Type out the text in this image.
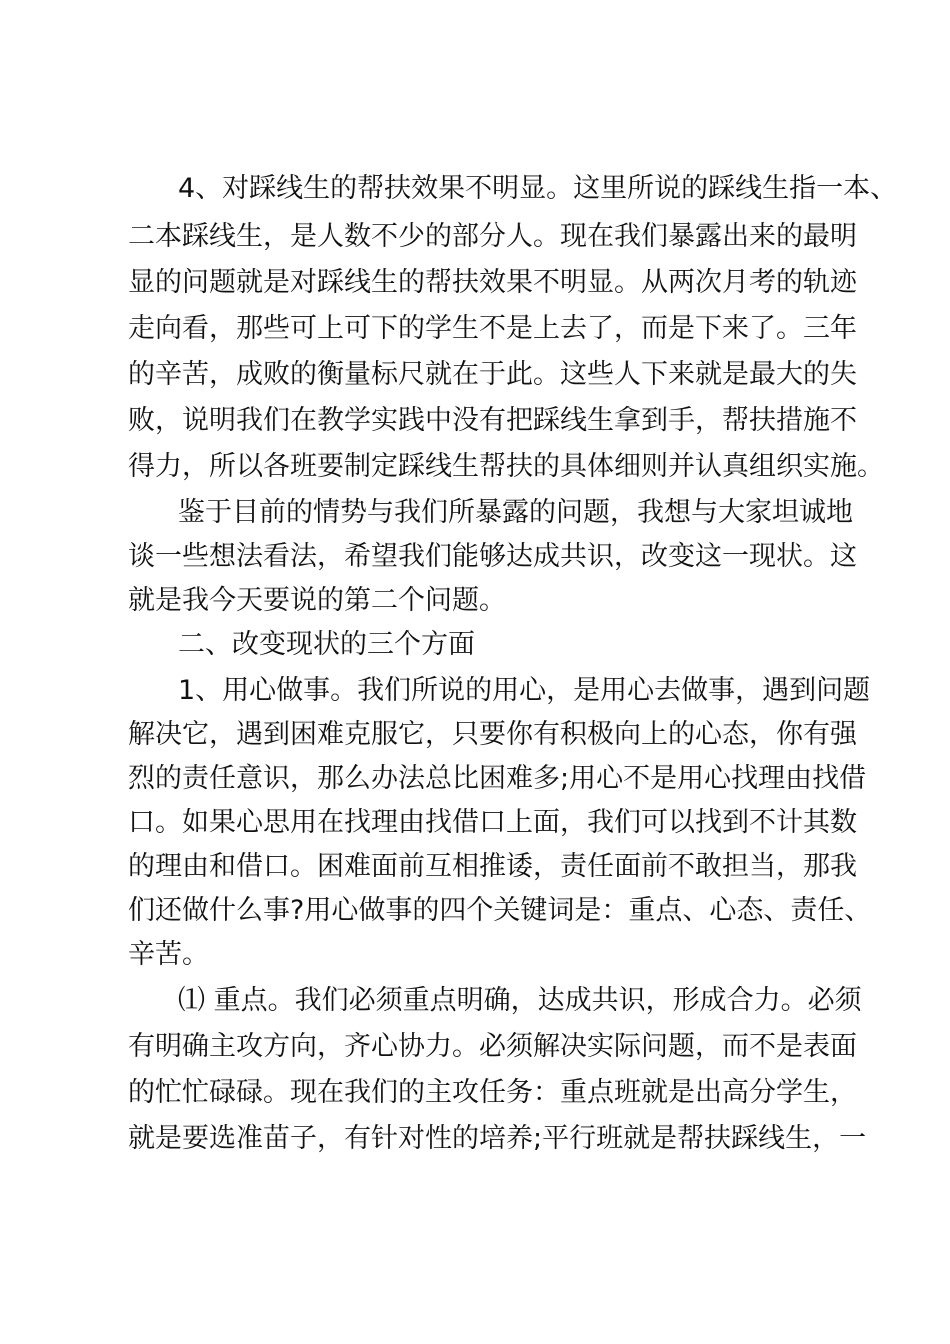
4、对踩线生的帮扶效果不明显。这里所说的踩线生指一本、

二本踩线生，是人数不少的部分人。现在我们暴露出来的最明

显的问题就是对踩线生的帮扶效果不明显。从两次月考的轨迹

走向看，那些可上可下的学生不是上去了，而是下来了。三年

的辛苦，成败的衡量标尺就在于此。这些人下来就是最大的失

败，说明我们在教学实践中没有把踩线生拿到手，帮扶措施不

得力，所以各班要制定踩线生帮扶的具体细则并认真组织实施。

鉴于目前的情势与我们所暴露的问题，我想与大家坦诚地

谈一些想法看法，希望我们能够达成共识，改变这一现状。这

就是我今天要说的第二个问题。

二、改变现状的三个方面

1、用心做事。我们所说的用心，是用心去做事，遇到问题

解决它，遇到困难克服它，只要你有积极向上的心态，你有强

烈的责任意识，那么办法总比困难多;用心不是用心找理由找借

口。如果心思用在找理由找借口上面，我们可以找到不计其数

的理由和借口。困难面前互相推诿，责任面前不敢担当，那我

们还做什么事?用心做事的四个关键词是：重点、心态、责任、

辛苦。

⑴ 重点。我们必须重点明确，达成共识，形成合力。必须

有明确主攻方向，齐心协力。必须解决实际问题，而不是表面

的忙忙碌碌。现在我们的主攻任务：重点班就是出高分学生，

就是要选准苗子，有针对性的培养;平行班就是帮扶踩线生，一
